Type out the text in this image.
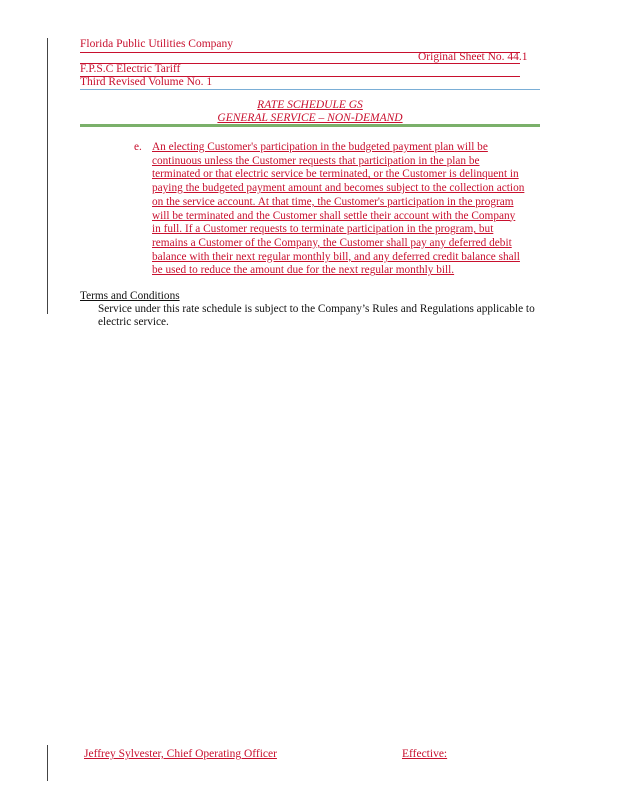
Florida Public Utilities Company
Original Sheet No. 44.1
F.P.S.C Electric Tariff
Third Revised Volume No. 1
RATE SCHEDULE GS
GENERAL SERVICE – NON-DEMAND
e. An electing Customer's participation in the budgeted payment plan will be
continuous unless the Customer requests that participation in the plan be
terminated or that electric service be terminated, or the Customer is delinquent in
paying the budgeted payment amount and becomes subject to the collection action
on the service account. At that time, the Customer's participation in the program
will be terminated and the Customer shall settle their account with the Company
in full. If a Customer requests to terminate participation in the program, but
remains a Customer of the Company, the Customer shall pay any deferred debit
balance with their next regular monthly bill, and any deferred credit balance shall
be used to reduce the amount due for the next regular monthly bill.
Terms and Conditions
Service under this rate schedule is subject to the Company’s Rules and Regulations applicable to
electric service.
Jeffrey Sylvester, Chief Operating Officer	Effective:
